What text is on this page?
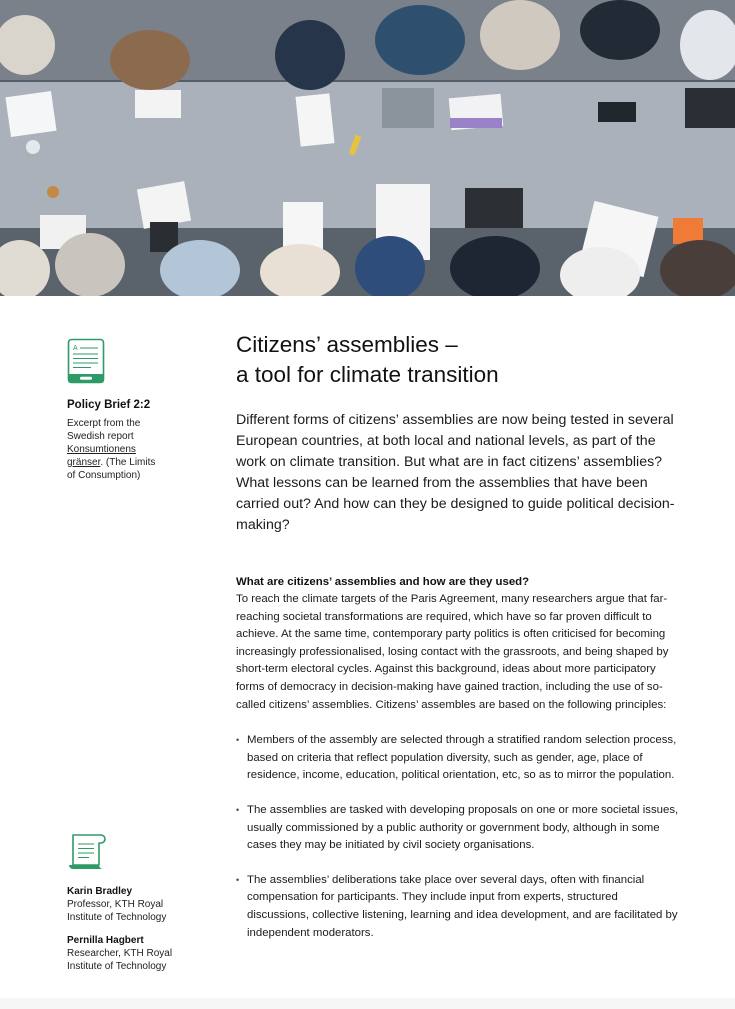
A
Policy Brief 2:2
Excerpt from the
Swedish report
Konsumtionens
gränser. (The Limits
of Consumption)
Karin Bradley
Professor, KTH Royal
Institute of Technology
Pernilla Hagbert
Researcher, KTH Royal
Institute of Technology
Citizens’ assemblies –
a tool for climate transition

Different forms of citizens’ assemblies are now being tested in several European countries, at both local and national levels, as part of the work on climate transition. But what are in fact citizens’ assemblies? What lessons can be learned from the assemblies that have been carried out? And how can they be designed to guide political decision-making?

What are citizens’ assemblies and how are they used?

To reach the climate targets of the Paris Agreement, many researchers argue that far-reaching societal transformations are required, which have so far proven difficult to achieve. At the same time, contemporary party politics is often criticised for becoming increasingly professionalised, losing contact with the grassroots, and being shaped by short-term electoral cycles. Against this background, ideas about more participatory forms of democracy in decision-making have gained traction, including the use of so-called citizens’ assemblies. Citizens’ assembles are based on the following principles:

• Members of the assembly are selected through a stratified random selection process, based on criteria that reflect population diversity, such as gender, age, place of residence, income, education, political orientation, etc, so as to mirror the population.
• The assemblies are tasked with developing proposals on one or more societal issues, usually commissioned by a public authority or government body, although in some cases they may be initiated by civil society organisations.
• The assemblies’ deliberations take place over several days, often with financial compensation for participants. They include input from experts, structured discussions, collective listening, learning and idea development, and are facilitated by independent moderators.
